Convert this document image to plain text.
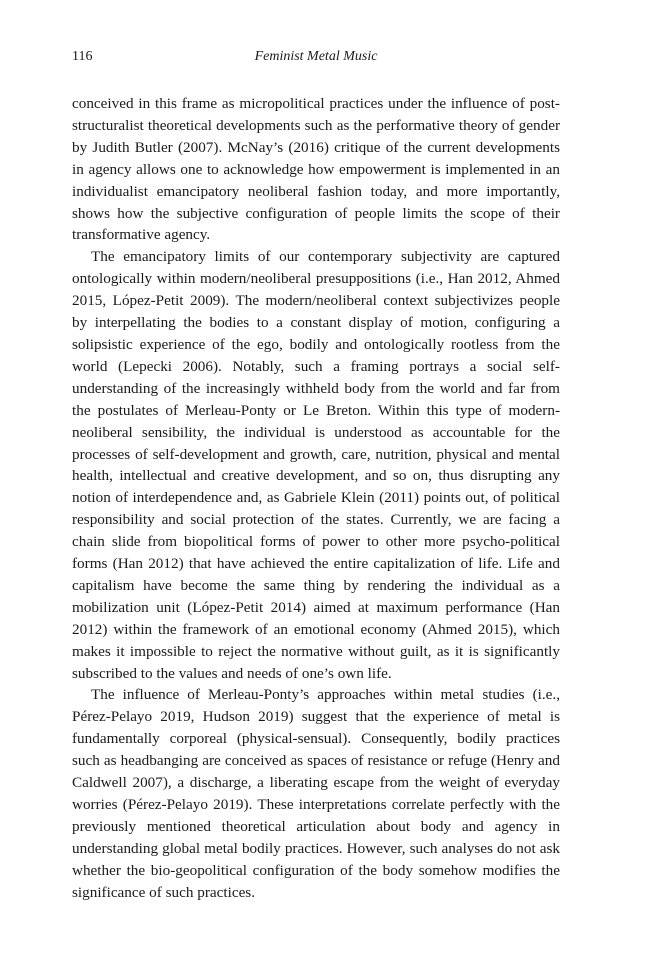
116	Feminist Metal Music

conceived in this frame as micropolitical practices under the influence of post-structuralist theoretical developments such as the performative theory of gender by Judith Butler (2007). McNay’s (2016) critique of the current developments in agency allows one to acknowledge how empowerment is implemented in an individualist emancipatory neoliberal fashion today, and more importantly, shows how the subjective configuration of people limits the scope of their transformative agency.

The emancipatory limits of our contemporary subjectivity are captured ontologically within modern/neoliberal presuppositions (i.e., Han 2012, Ahmed 2015, López-Petit 2009). The modern/neoliberal context subjectivizes people by interpellating the bodies to a constant display of motion, configuring a solipsistic experience of the ego, bodily and ontologically rootless from the world (Lepecki 2006). Notably, such a framing portrays a social self-understanding of the increasingly withheld body from the world and far from the postulates of Merleau-Ponty or Le Breton. Within this type of modern-neoliberal sensibility, the individual is understood as accountable for the processes of self-development and growth, care, nutrition, physical and mental health, intellectual and creative development, and so on, thus disrupting any notion of interdependence and, as Gabriele Klein (2011) points out, of political responsibility and social protection of the states. Currently, we are facing a chain slide from biopolitical forms of power to other more psycho-political forms (Han 2012) that have achieved the entire capitalization of life. Life and capitalism have become the same thing by rendering the individual as a mobilization unit (López-Petit 2014) aimed at maximum performance (Han 2012) within the framework of an emotional economy (Ahmed 2015), which makes it impossible to reject the normative without guilt, as it is significantly subscribed to the values and needs of one’s own life.

The influence of Merleau-Ponty’s approaches within metal studies (i.e., Pérez-Pelayo 2019, Hudson 2019) suggest that the experience of metal is fundamentally corporeal (physical-sensual). Consequently, bodily practices such as headbanging are conceived as spaces of resistance or refuge (Henry and Caldwell 2007), a discharge, a liberating escape from the weight of everyday worries (Pérez-Pelayo 2019). These interpretations correlate perfectly with the previously mentioned theoretical articulation about body and agency in understanding global metal bodily practices. However, such analyses do not ask whether the bio-geopolitical configuration of the body somehow modifies the significance of such practices.
